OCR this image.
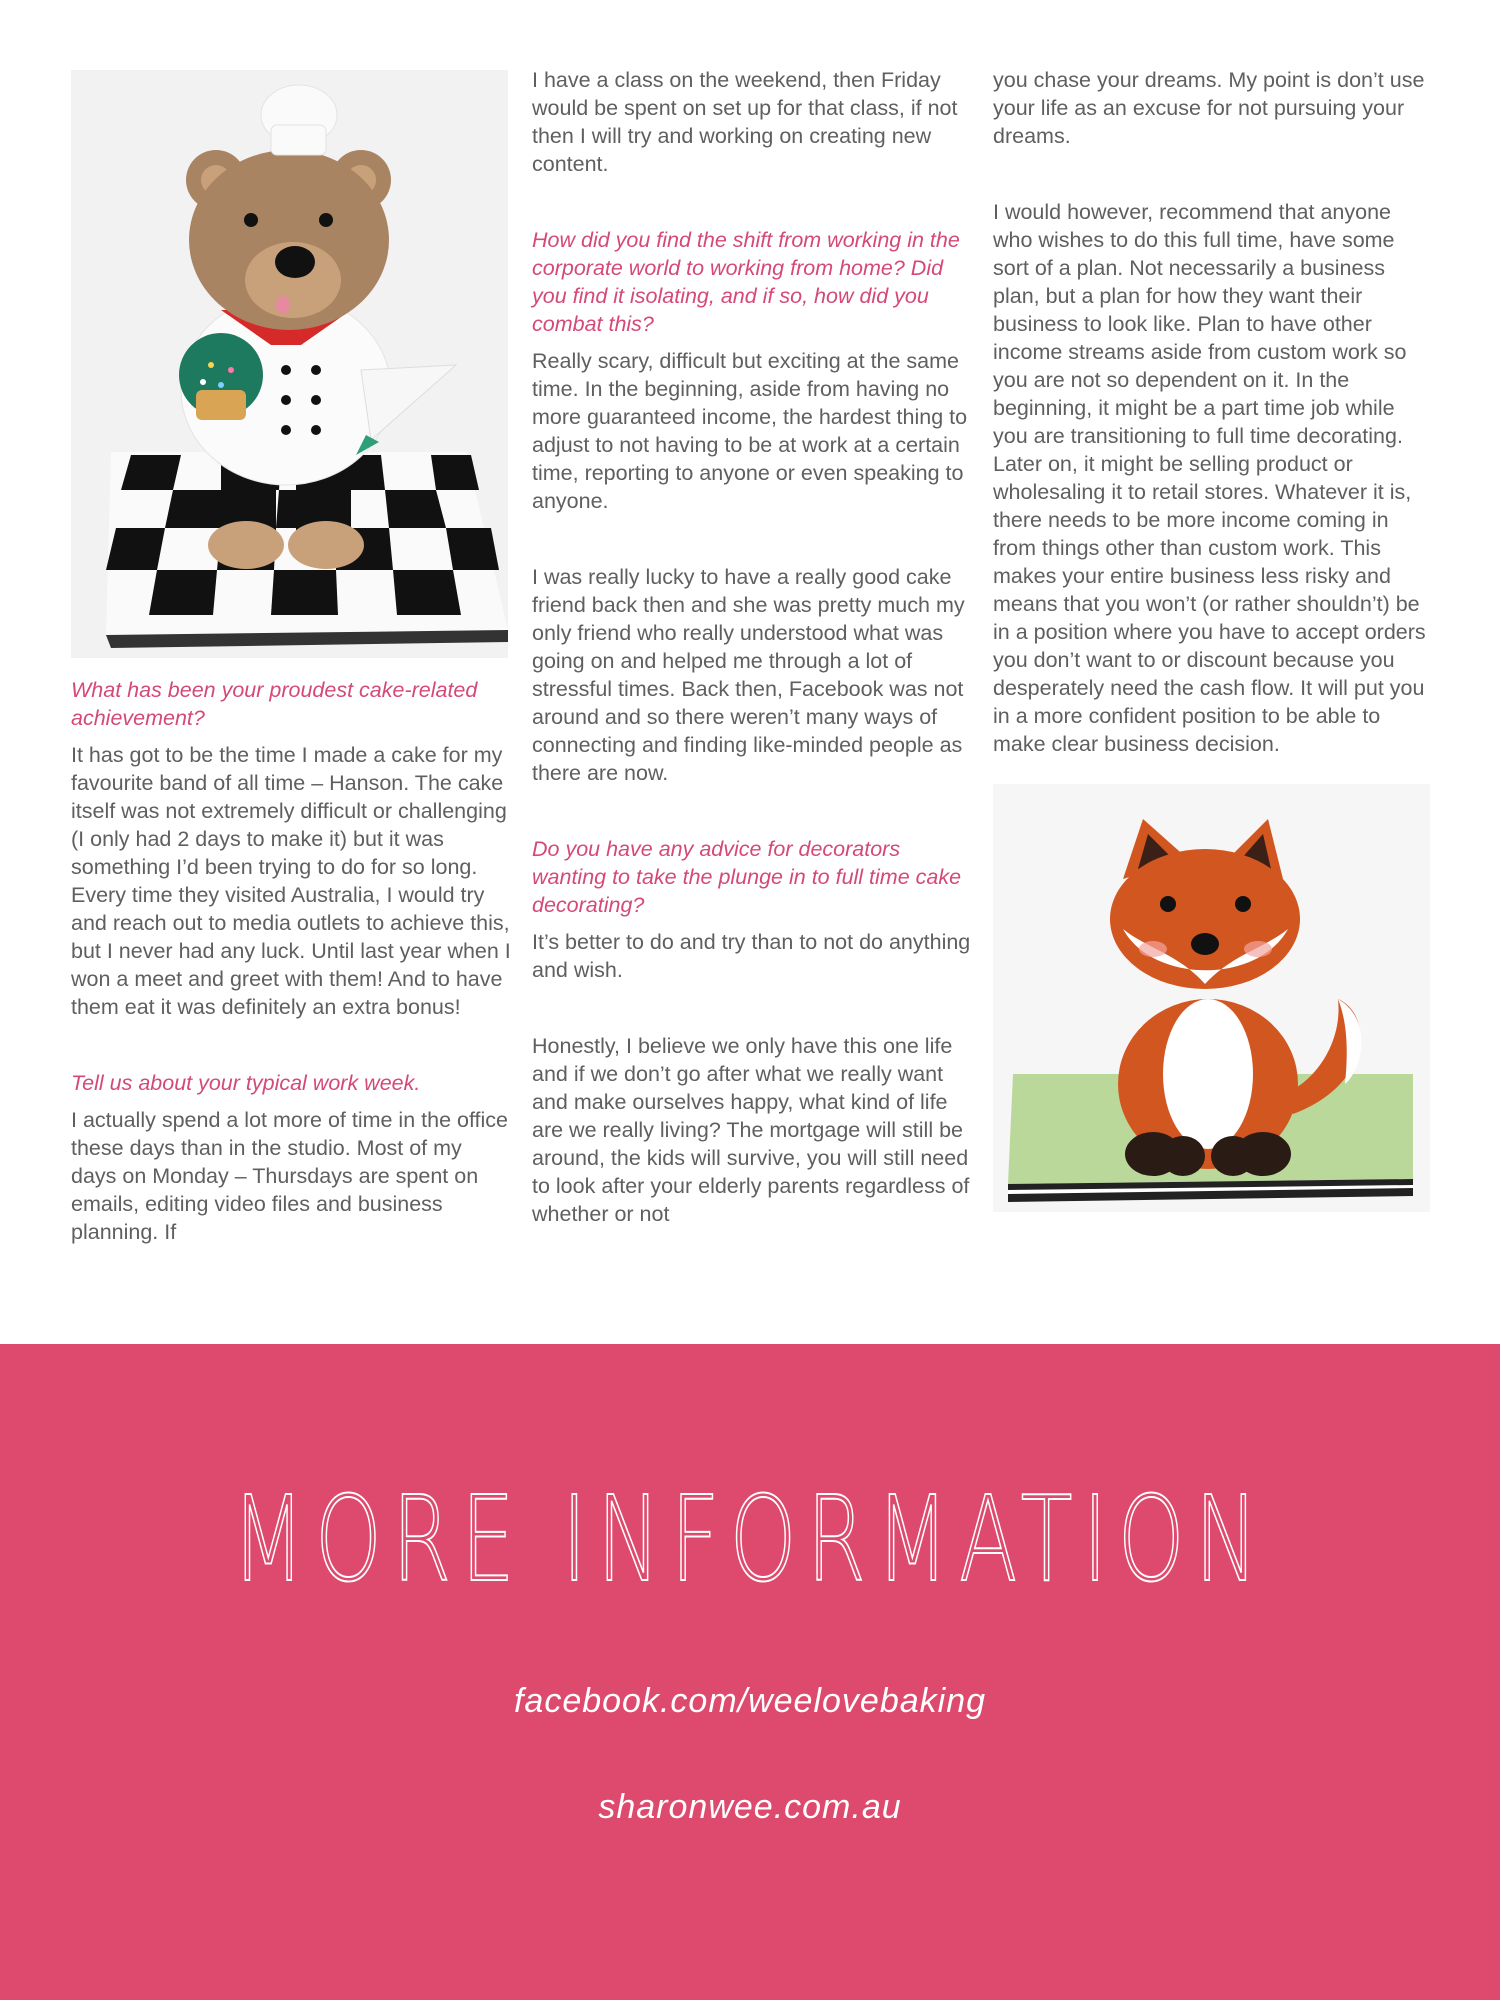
What has been your proudest cake-related achievement?

It has got to be the time I made a cake for my favourite band of all time – Hanson. The cake itself was not extremely difficult or challenging (I only had 2 days to make it) but it was something I’d been trying to do for so long. Every time they visited Australia, I would try and reach out to media outlets to achieve this, but I never had any luck. Until last year when I won a meet and greet with them! And to have them eat it was definitely an extra bonus!

Tell us about your typical work week.

I actually spend a lot more of time in the office these days than in the studio. Most of my days on Monday – Thursdays are spent on emails, editing video files and business planning. If

I have a class on the weekend, then Friday would be spent on set up for that class, if not then I will try and working on creating new content.

How did you find the shift from working in the corporate world to working from home? Did you find it isolating, and if so, how did you combat this?

Really scary, difficult but exciting at the same time. In the beginning, aside from having no more guaranteed income, the hardest thing to adjust to not having to be at work at a certain time, reporting to anyone or even speaking to anyone.

I was really lucky to have a really good cake friend back then and she was pretty much my only friend who really understood what was going on and helped me through a lot of stressful times. Back then, Facebook was not around and so there weren’t many ways of connecting and finding like-minded people as there are now.

Do you have any advice for decorators wanting to take the plunge in to full time cake decorating?

It’s better to do and try than to not do anything and wish.

Honestly, I believe we only have this one life and if we don’t go after what we really want and make ourselves happy, what kind of life are we really living? The mortgage will still be around, the kids will survive, you will still need to look after your elderly parents regardless of whether or not

you chase your dreams. My point is don’t use your life as an excuse for not pursuing your dreams.

I would however, recommend that anyone who wishes to do this full time, have some sort of a plan. Not necessarily a business plan, but a plan for how they want their business to look like. Plan to have other income streams aside from custom work so you are not so dependent on it. In the beginning, it might be a part time job while you are transitioning to full time decorating. Later on, it might be selling product or wholesaling it to retail stores. Whatever it is, there needs to be more income coming in from things other than custom work. This makes your entire business less risky and means that you won’t (or rather shouldn’t) be in a position where you have to accept orders you don’t want to or discount because you desperately need the cash flow. It will put you in a more confident position to be able to make clear business decision.

MORE INFORMATION
facebook.com/weelovebaking
sharonwee.com.au
